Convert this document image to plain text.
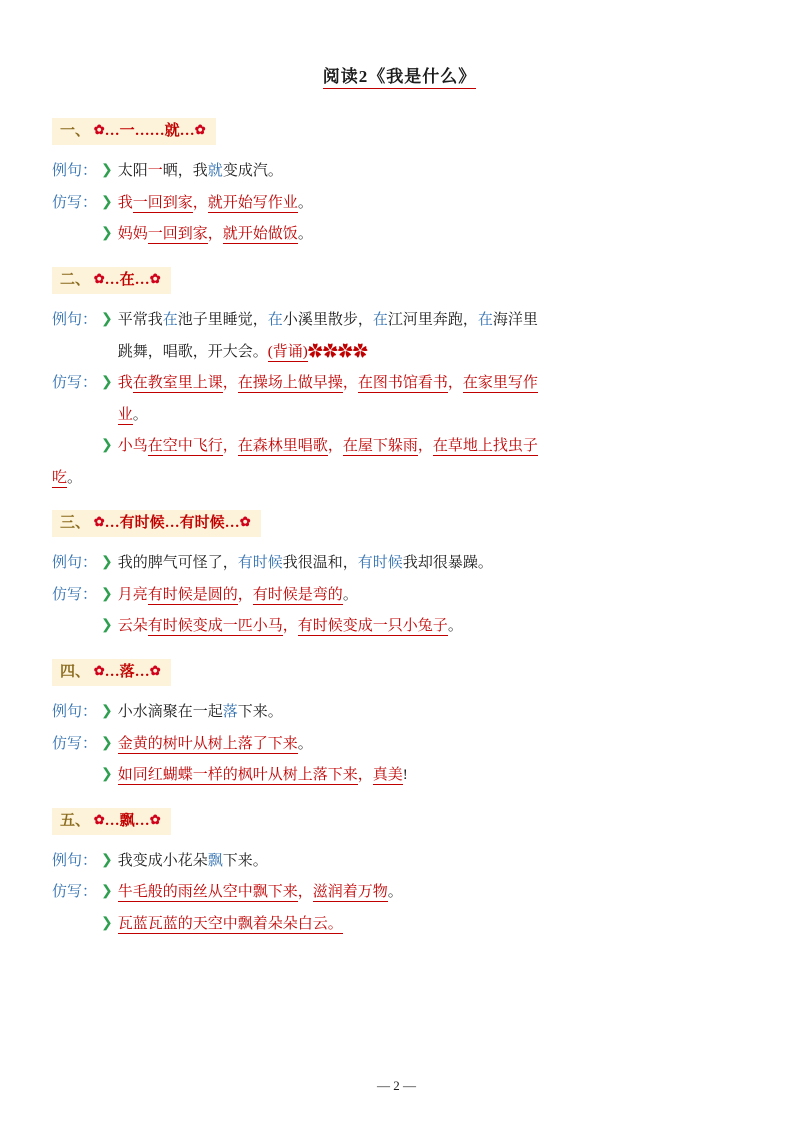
阅读2《我是什么》
一、 ✿…一……就…✿
例句： ❯ 太阳一晒，我就变成汽。
仿写： ❯ 我一回到家，就开始写作业。
❯ 妈妈一回到家，就开始做饭。
二、 ✿…在…✿
例句： ❯ 平常我在池子里睡觉，在小溪里散步，在江河里奔跑，在海洋里
跳舞，唱歌，开大会。(背诵)✿✿✿✿
仿写： ❯ 我在教室里上课，在操场上做早操，在图书馆看书，在家里写作
业。
❯ 小鸟在空中飞行，在森林里唱歌，在屋下躲雨，在草地上找虫子
吃。
三、 ✿…有时候…有时候…✿
例句： ❯ 我的脾气可怪了，有时候我很温和，有时候我却很暴躁。
仿写： ❯ 月亮有时候是圆的，有时候是弯的。
❯ 云朵有时候变成一匹小马，有时候变成一只小兔子。
四、 ✿…落…✿
例句： ❯ 小水滴聚在一起落下来。
仿写： ❯ 金黄的树叶从树上落了下来。
❯ 如同红蝴蝶一样的枫叶从树上落下来，真美!
五、 ✿…飘…✿
例句： ❯ 我变成小花朵飘下来。
仿写： ❯ 牛毛般的雨丝从空中飘下来，滋润着万物。
❯ 瓦蓝瓦蓝的天空中飘着朵朵白云。
— 2 —
